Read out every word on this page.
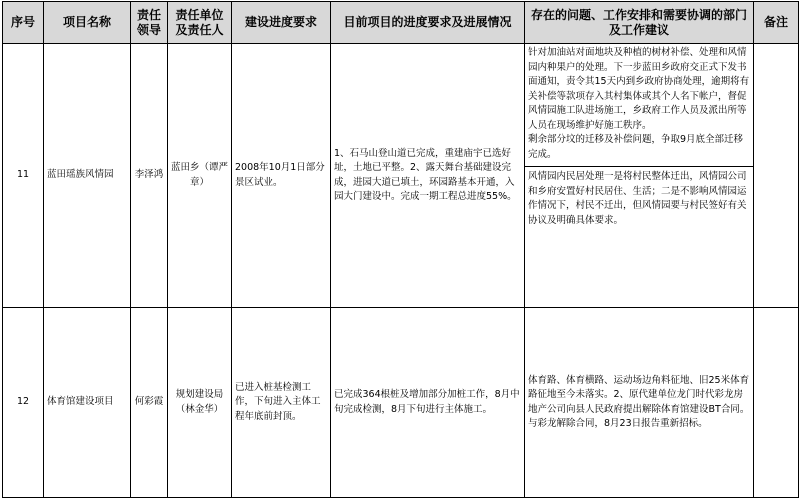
序号	项目名称	责任领导	责任单位及责任人	建设进度要求	目前项目的进度要求及进展情况	存在的问题、工作安排和需要协调的部门及工作建议	备注
11	蓝田瑶族风情园	李泽鸿	蓝田乡（谭严章）	2008年10月1日部分景区试业。	1、石马山登山道已完成，重建庙宇已选好址，土地已平整。2、露天舞台基础建设完成，进园大道已填土，环园路基本开通，入园大门建设中。完成一期工程总进度55%。	针对加油站对面地块及种植的树材补偿、处理和风情园内种果户的处理。下一步蓝田乡政府交正式下发书面通知，责令其15天内到乡政府协商处理，逾期将有关补偿等款项存入其村集体或其个人名下帐户，督促风情园施工队进场施工，乡政府工作人员及派出所等人员在现场维护好施工秩序。
剩余部分坟的迁移及补偿问题，争取9月底全部迁移完成。
风情园内民居处理一是将村民整体迁出，风情园公司和乡府安置好村民居住、生活；二是不影响风情园运作情况下，村民不迁出，但风情园要与村民签好有关协议及明确具体要求。	

12	体育馆建设项目	何彩霞	规划建设局（林金华）	已进入桩基检测工作，下旬进入主体工程年底前封顶。	已完成364根桩及增加部分加桩工作，8月中旬完成检测，8月下旬进行主体施工。	体育路、体育横路、运动场边角料征地、旧25米体育路征地至今未落实。2、原代建单位龙门时代彩龙房地产公司向县人民政府提出解除体育馆建设BT合同。与彩龙解除合同，8月23日报告重新招标。	
